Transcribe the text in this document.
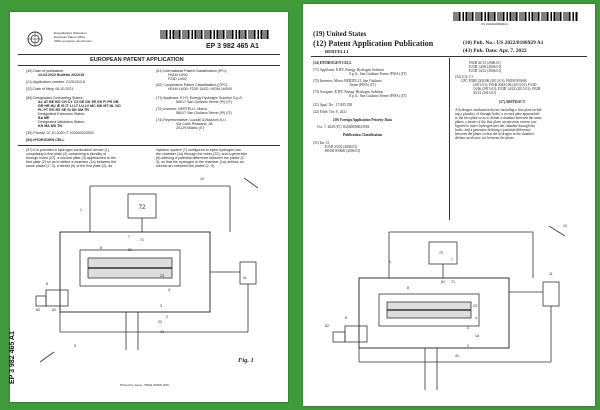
Europäisches Patentamt
European Patent Office
Office européen des brevets
EP 3 982 465 A1
EUROPEAN PATENT APPLICATION
(43) Date of publication:
13.04.2022 Bulletin 2022/15
(21) Application number: 21201313.6
(22) Date of filing: 06.10.2021
(51) International Patent Classification (IPC):
H01M 14/00
F23D 14/02
(52) Cooperative Patent Classification (CPC):
H01M 14/00; F23D 14/02; H01M 16/003
(84) Designated Contracting States:
AL AT BE BG CH CY CZ DE DK EE ES FI FR GB
GR HR HU IE IS IT LI LT LU LV MC MK MT NL NO
PL PT RO RS SE SI SK SM TR
Designated Extension States:
BA ME
Designated Validation States:
KH MA MD TN
(30) Priority: 07.10.2020 IT 202000023902
(71) Applicant: E.HY. Energy Hydrogen Solution S.p.A.
56017 San Giuliano Terme (PI) (IT)
(72) Inventor: BERTELLI, Marco
56017 San Giuliano Terme (PI) (IT)
(74) Representative: Luzzati & Mazzoni S.r.l.
Via Carlo Pisacane, 36
20129 Milano (IT)
(54) HYDROGEN CELL
(57) It is provided a hydrogen combustion device (1)
comprising a first plate (2) comprising a plurality of
through holes (22), a second plate (3) approached to the
first plate (2) so as to define a chamber (1a) between the
same plates (2, 3), a feeder (5) of the first plate (2), an
injection system (7) configured to inject hydrogen into
the chamber (1a) through the holes (22); and a generator
(8) defining a potential difference between the plates (2,
3); so that the hydrogen in the chamber (1a) defines an
electric arc between the plates (2, 3).
72
10
1
7
71
81
8
82	62
6
23
4
3
11
2
22
41
5
Fig. 1
Printed by Jouve, 75001 PARIS (FR)
EP 3 982 465 A1
US 20220106929A1
(19) United States
(12) Patent Application Publication
BERTELLI
(10) Pub. No.: US 2022/0106929 A1
(43) Pub. Date: Apr. 7, 2022
(54) HYDROGEN CELL
(71) Applicant: E.HY. Energy Hydrogen Solution
S.p.A., San Giuliano Terme (PISA) (IT)
(72) Inventor: Marco BERTELLI, San Giuliano
Terme (PISA) (IT)
(73) Assignee: E.HY. Energy Hydrogen Solution
S.p.A., San Giuliano Terme (PISA) (IT)
(21) Appl. No.: 17/495,358
(22) Filed: Oct. 6, 2021
(30) Foreign Application Priority Data
Oct. 7, 2020 (IT) 102020000023902
Publication Classification
(51) Int. Cl.
F23D 23/02 (2006.01)
H01M 8/0606 (2006.01)
F02B 43/12 (2006.01)
F23D 14/66 (2006.01)
F23D 14/22 (2006.01)
(52) U.S. Cl.
CPC F02B 23/0206 (2013.01); H01M 8/0606
(2013.01); F02B 2043/106 (2013.01); F23D
14/66 (2013.01); F23D 14/22 (2013.01); F02B
43/12 (2013.01)
(57) ABSTRACT
A hydrogen combustion device including a first plate includ-
ing a plurality of through holes; a second plate approached
to the first plate so as to define a chamber between the same
plates; a heater of the first plate; an injection system con-
figured to inject hydrogen into the chamber through the
holes; and a generator defining a potential difference
between the plates so that the hydrogen in the chamber
defines an electric arc between the plates.
10
1
72
7
81 71
8
62
6
23
4
3
1a
2
41
11
